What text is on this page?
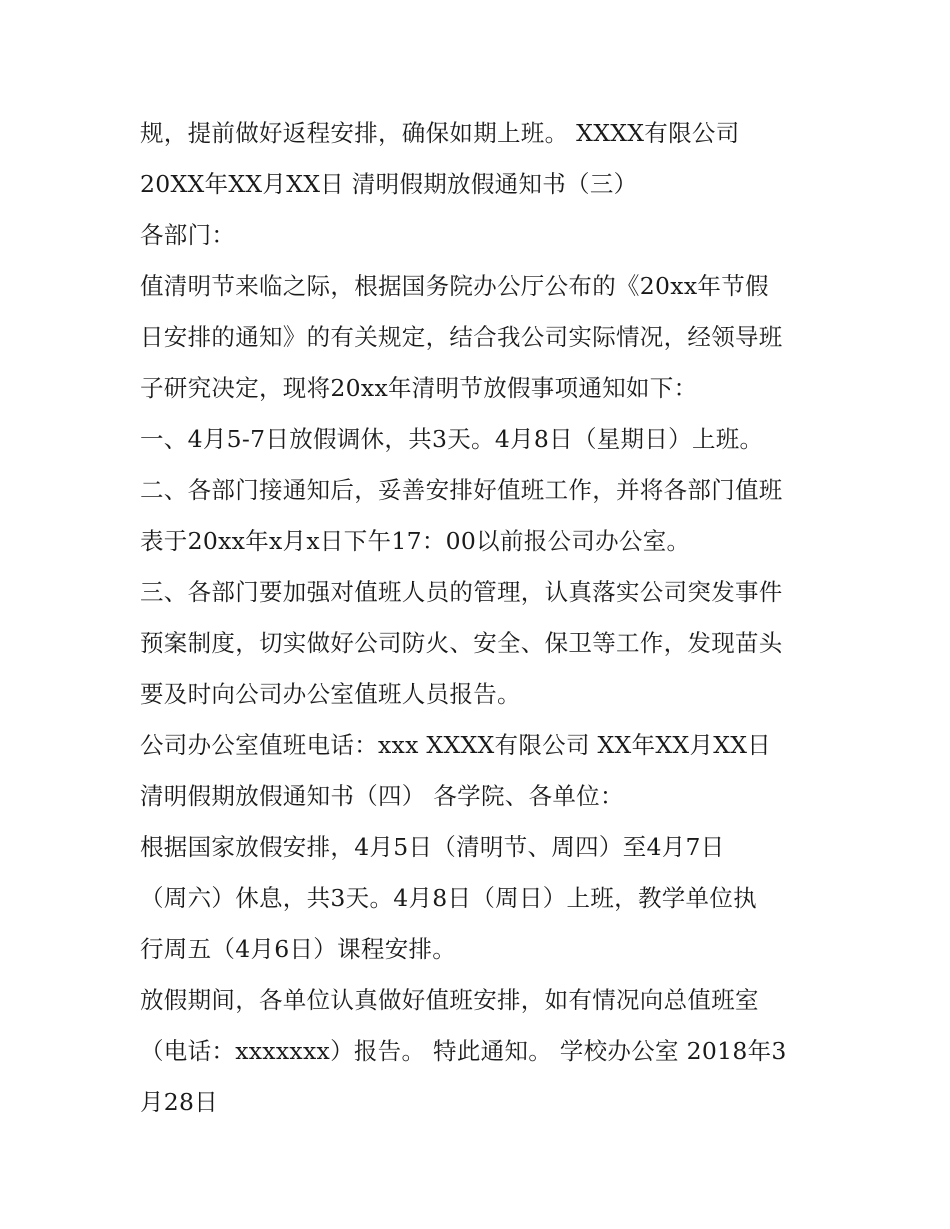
规，提前做好返程安排，确保如期上班。 XXXX有限公司
20XX年XX月XX日 清明假期放假通知书（三）
各部门：
值清明节来临之际，根据国务院办公厅公布的《20xx年节假
日安排的通知》的有关规定，结合我公司实际情况，经领导班
子研究决定，现将20xx年清明节放假事项通知如下：
一、4月5-7日放假调休，共3天。4月8日（星期日）上班。
二、各部门接通知后，妥善安排好值班工作，并将各部门值班
表于20xx年x月x日下午17：00以前报公司办公室。
三、各部门要加强对值班人员的管理，认真落实公司突发事件
预案制度，切实做好公司防火、安全、保卫等工作，发现苗头
要及时向公司办公室值班人员报告。
公司办公室值班电话：xxx XXXX有限公司 XX年XX月XX日
清明假期放假通知书（四） 各学院、各单位：
根据国家放假安排，4月5日（清明节、周四）至4月7日
（周六）休息，共3天。4月8日（周日）上班，教学单位执
行周五（4月6日）课程安排。
放假期间，各单位认真做好值班安排，如有情况向总值班室
（电话：xxxxxxx）报告。 特此通知。 学校办公室 2018年3
月28日
